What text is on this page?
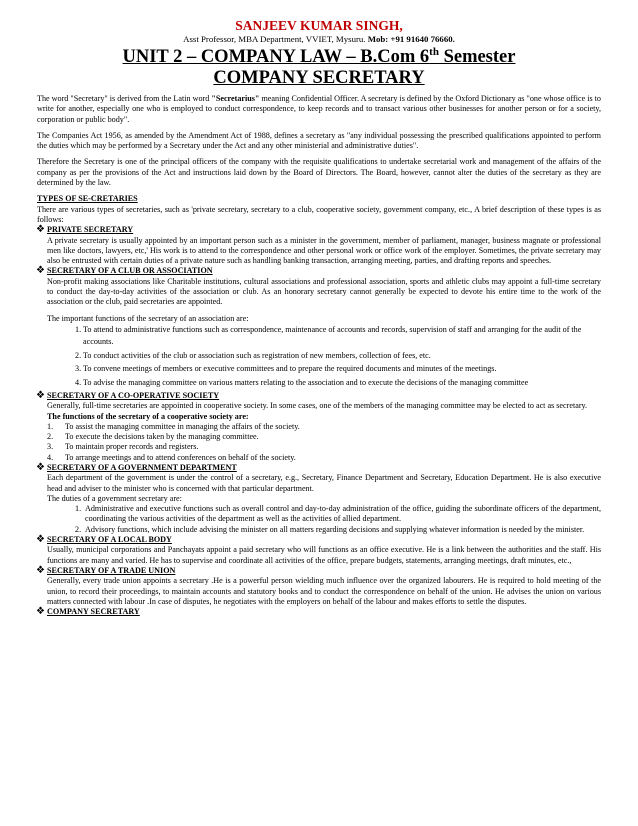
SANJEEV KUMAR SINGH,
Asst Professor, MBA Department, VVIET, Mysuru. Mob: +91 91640 76660.
UNIT 2 – COMPANY LAW – B.Com 6th Semester
COMPANY SECRETARY

The word "Secretary" is derived from the Latin word "Secretarius" meaning Confidential Officer. A secretary is defined by the Oxford Dictionary as "one whose office is to write for another, especially one who is employed to conduct correspondence, to keep records and to transact various other businesses for another person or for a society, corporation or public body".

The Companies Act 1956, as amended by the Amendment Act of 1988, defines a secretary as "any individual possessing the prescribed qualifications appointed to perform the duties which may be performed by a Secretary under the Act and any other ministerial and administrative duties".

Therefore the Secretary is one of the principal officers of the company with the requisite qualifications to undertake secretarial work and management of the affairs of the company as per the provisions of the Act and instructions laid down by the Board of Directors. The Board, however, cannot alter the duties of the secretary as they are determined by the law.

TYPES OF SE-CRETARIES

There are various types of secretaries, such as 'private secretary, secretary to a club, cooperative society, government company, etc., A brief description of these types is as follows:

❖ PRIVATE SECRETARY

A private secretary is usually appointed by an important person such as a minister in the government, member of parliament, manager, business magnate or professional men like doctors, lawyers, etc,' His work is to attend to the correspondence and other personal work or office work of the employer. Sometimes, the private secretary may also be entrusted with certain duties of a private nature such as handling banking transaction, arranging meeting, parties, and drafting reports and speeches.

❖ SECRETARY OF A CLUB OR ASSOCIATION

Non-profit making associations like Charitable institutions, cultural associations and professional association, sports and athletic clubs may appoint a full-time secretary to conduct the day-to-day activities of the association or club. As an honorary secretary cannot generally be expected to devote his entire time to the work of the association or the club, paid secretaries are appointed.

The important functions of the secretary of an association are:

1. To attend to administrative functions such as correspondence, maintenance of accounts and records, supervision of staff and arranging for the audit of the accounts.
2. To conduct activities of the club or association such as registration of new members, collection of fees, etc.
3. To convene meetings of members or executive committees and to prepare the required documents and minutes of the meetings.
4. To advise the managing committee on various matters relating to the association and to execute the decisions of the managing committee
❖ SECRETARY OF A CO-OPERATIVE SOCIETY

Generally, full-time secretaries are appointed in cooperative society. In some cases, one of the members of the managing committee may be elected to act as secretary.

The functions of the secretary of a cooperative society are:
1. To assist the managing committee in managing the affairs of the society.
2. To execute the decisions taken by the managing committee.
3. To maintain proper records and registers.
4. To arrange meetings and to attend conferences on behalf of the society.
❖ SECRETARY OF A GOVERNMENT DEPARTMENT

Each department of the government is under the control of a secretary, e.g., Secretary, Finance Department and Secretary, Education Department. He is also executive head and adviser to the minister who is concerned with that particular department.

The duties of a government secretary are:

1. Administrative and executive functions such as overall control and day-to-day administration of the office, guiding the subordinate officers of the department, coordinating the various activities of the department as well as the activities of allied department.

2. Advisory functions, which include advising the minister on all matters regarding decisions and supplying whatever information is needed by the minister.

❖ SECRETARY OF A LOCAL BODY

Usually, municipal corporations and Panchayats appoint a paid secretary who will functions as an office executive. He is a link between the authorities and the staff. His functions are many and varied. He has to supervise and coordinate all activities of the office, prepare budgets, statements, arranging meetings, draft minutes, etc.,

❖ SECRETARY OF A TRADE UNION

Generally, every trade union appoints a secretary .He is a powerful person wielding much influence over the organized labourers. He is required to hold meeting of the union, to record their proceedings, to maintain accounts and statutory books and to conduct the correspondence on behalf of the union. He advises the union on various matters connected with labour .In case of disputes, he negotiates with the employers on behalf of the labour and makes efforts to settle the disputes.

❖ COMPANY SECRETARY
